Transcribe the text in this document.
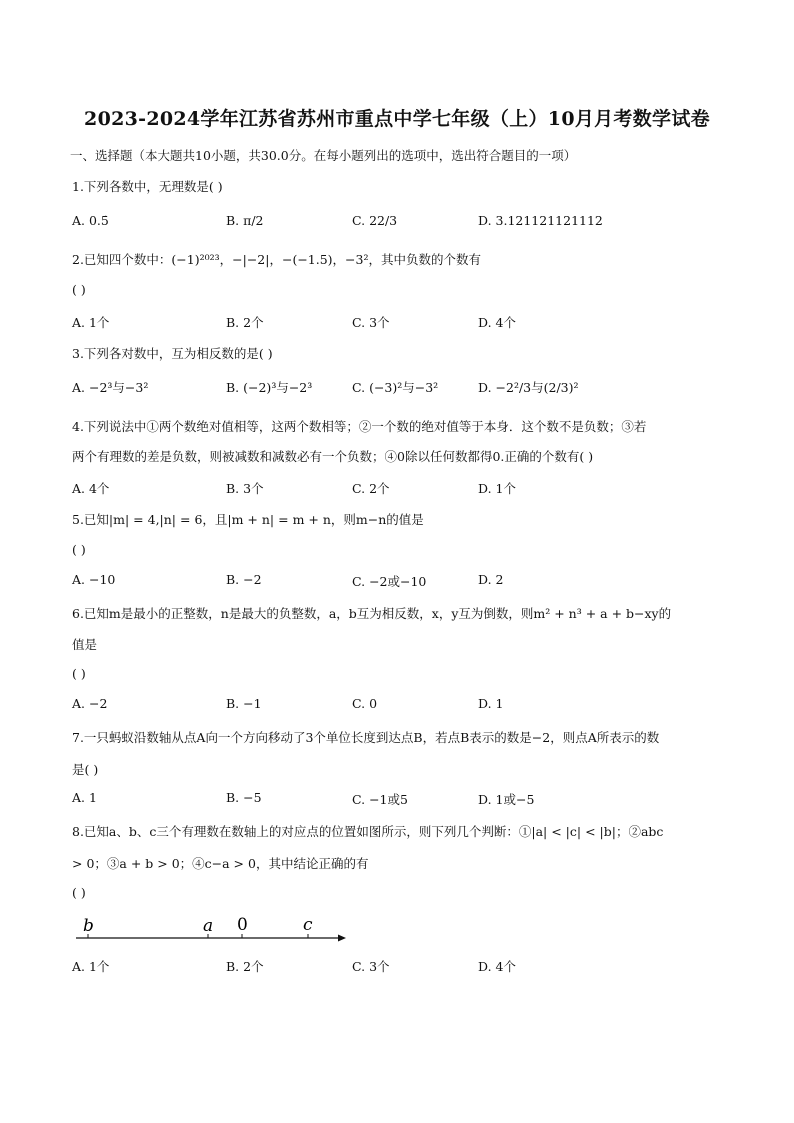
2023-2024学年江苏省苏州市重点中学七年级（上）10月月考数学试卷
一、选择题（本大题共10小题，共30.0分。在每小题列出的选项中，选出符合题目的一项）
1.下列各数中，无理数是( )
A. 0.5̇	B. π/2	C. 22/3	D. 3.121121121112
2.已知四个数中：(−1)²⁰²³，−|−2|，−(−1.5)，−3²，其中负数的个数有
( )
A. 1个	B. 2个	C. 3个	D. 4个
3.下列各对数中，互为相反数的是( )
A. −2³与−3²	B. (−2)³与−2³	C. (−3)²与−3²	D. −2²/3与(2/3)²
4.下列说法中①两个数绝对值相等，这两个数相等；②一个数的绝对值等于本身．这个数不是负数；③若
两个有理数的差是负数，则被减数和减数必有一个负数；④0除以任何数都得0.正确的个数有( )
A. 4个	B. 3个	C. 2个	D. 1个
5.已知|m| = 4,|n| = 6，且|m + n| = m + n，则m−n的值是
( )
A. −10	B. −2	C. −2或−10	D. 2
6.已知m是最小的正整数，n是最大的负整数，a，b互为相反数，x，y互为倒数，则m² + n³ + a + b−xy的
值是
( )
A. −2	B. −1	C. 0	D. 1
7.一只蚂蚁沿数轴从点A向一个方向移动了3个单位长度到达点B，若点B表示的数是−2，则点A所表示的数
是( )
A. 1	B. −5	C. −1或5	D. 1或−5
8.已知a、b、c三个有理数在数轴上的对应点的位置如图所示，则下列几个判断：①|a| < |c| < |b|；②abc
> 0；③a + b > 0；④c−a > 0，其中结论正确的有
( )
b	a 0	c
A. 1个	B. 2个	C. 3个	D. 4个
